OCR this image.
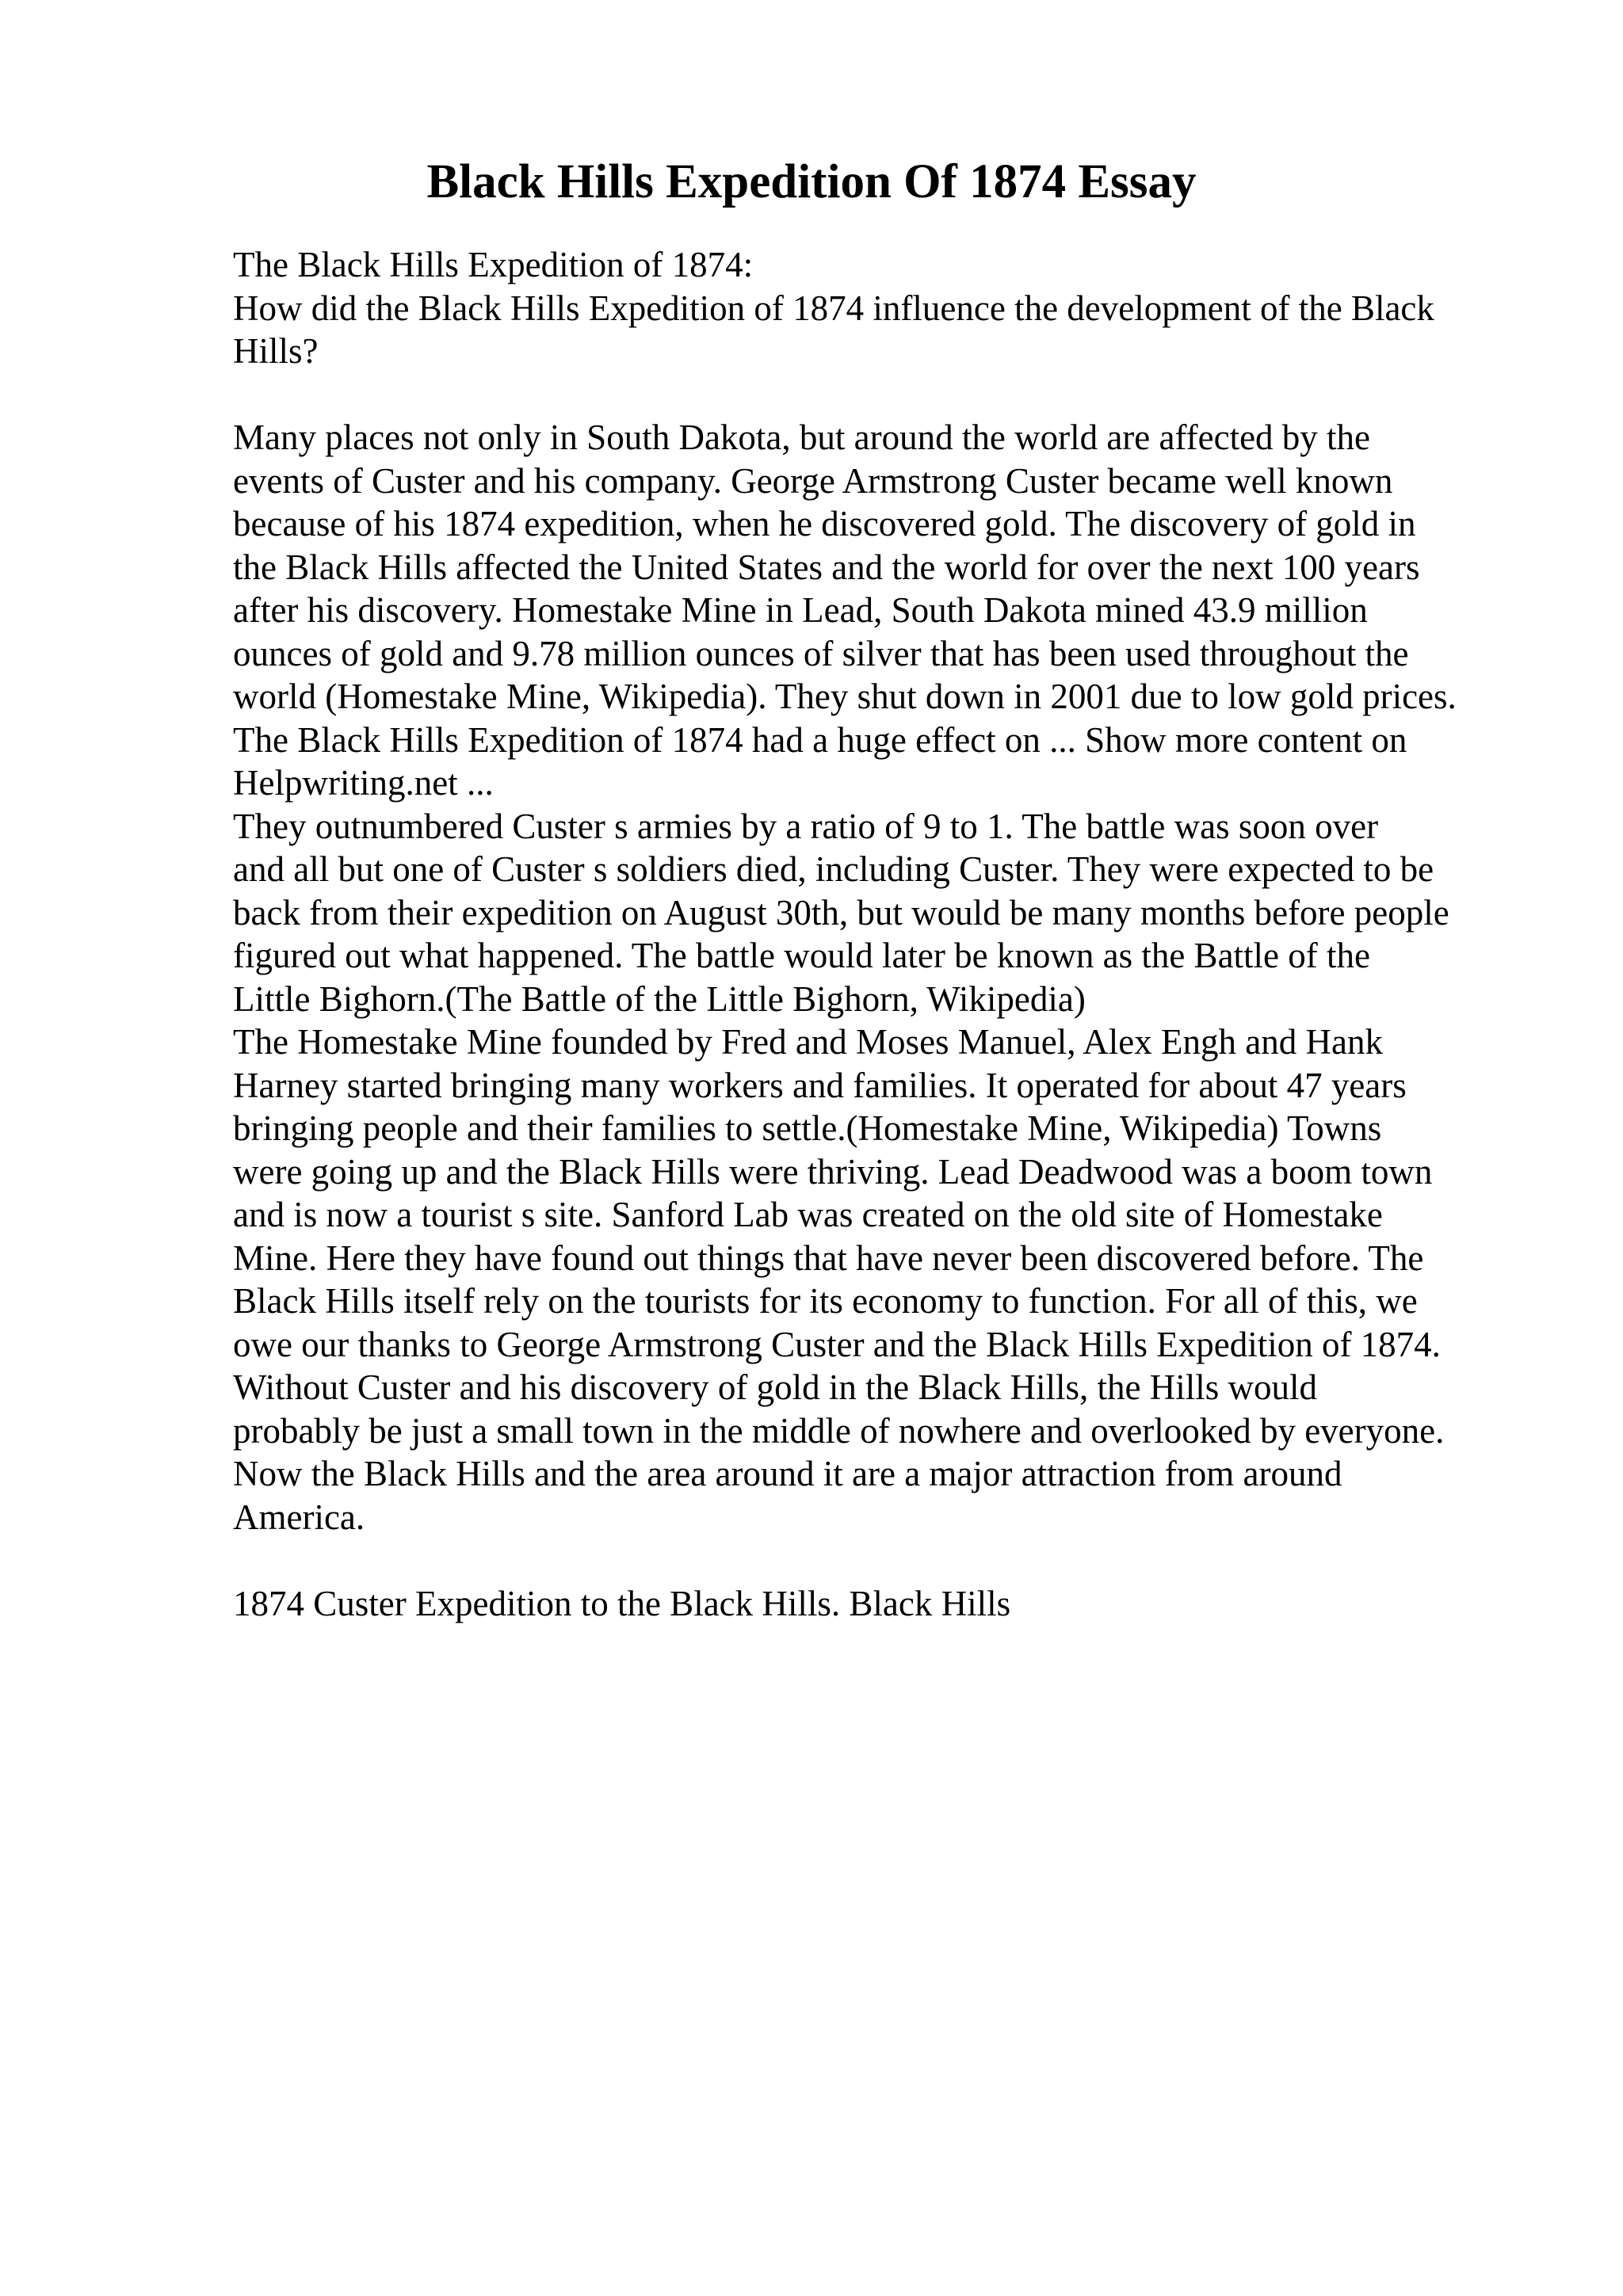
Black Hills Expedition Of 1874 Essay
The Black Hills Expedition of 1874:
How did the Black Hills Expedition of 1874 influence the development of the Black
Hills?
Many places not only in South Dakota, but around the world are affected by the
events of Custer and his company. George Armstrong Custer became well known
because of his 1874 expedition, when he discovered gold. The discovery of gold in
the Black Hills affected the United States and the world for over the next 100 years
after his discovery. Homestake Mine in Lead, South Dakota mined 43.9 million
ounces of gold and 9.78 million ounces of silver that has been used throughout the
world (Homestake Mine, Wikipedia). They shut down in 2001 due to low gold prices.
The Black Hills Expedition of 1874 had a huge effect on ... Show more content on
Helpwriting.net ...
They outnumbered Custer s armies by a ratio of 9 to 1. The battle was soon over
and all but one of Custer s soldiers died, including Custer. They were expected to be
back from their expedition on August 30th, but would be many months before people
figured out what happened. The battle would later be known as the Battle of the
Little Bighorn.(The Battle of the Little Bighorn, Wikipedia)
The Homestake Mine founded by Fred and Moses Manuel, Alex Engh and Hank
Harney started bringing many workers and families. It operated for about 47 years
bringing people and their families to settle.(Homestake Mine, Wikipedia) Towns
were going up and the Black Hills were thriving. Lead Deadwood was a boom town
and is now a tourist s site. Sanford Lab was created on the old site of Homestake
Mine. Here they have found out things that have never been discovered before. The
Black Hills itself rely on the tourists for its economy to function. For all of this, we
owe our thanks to George Armstrong Custer and the Black Hills Expedition of 1874.
Without Custer and his discovery of gold in the Black Hills, the Hills would
probably be just a small town in the middle of nowhere and overlooked by everyone.
Now the Black Hills and the area around it are a major attraction from around
America.
1874 Custer Expedition to the Black Hills. Black Hills
